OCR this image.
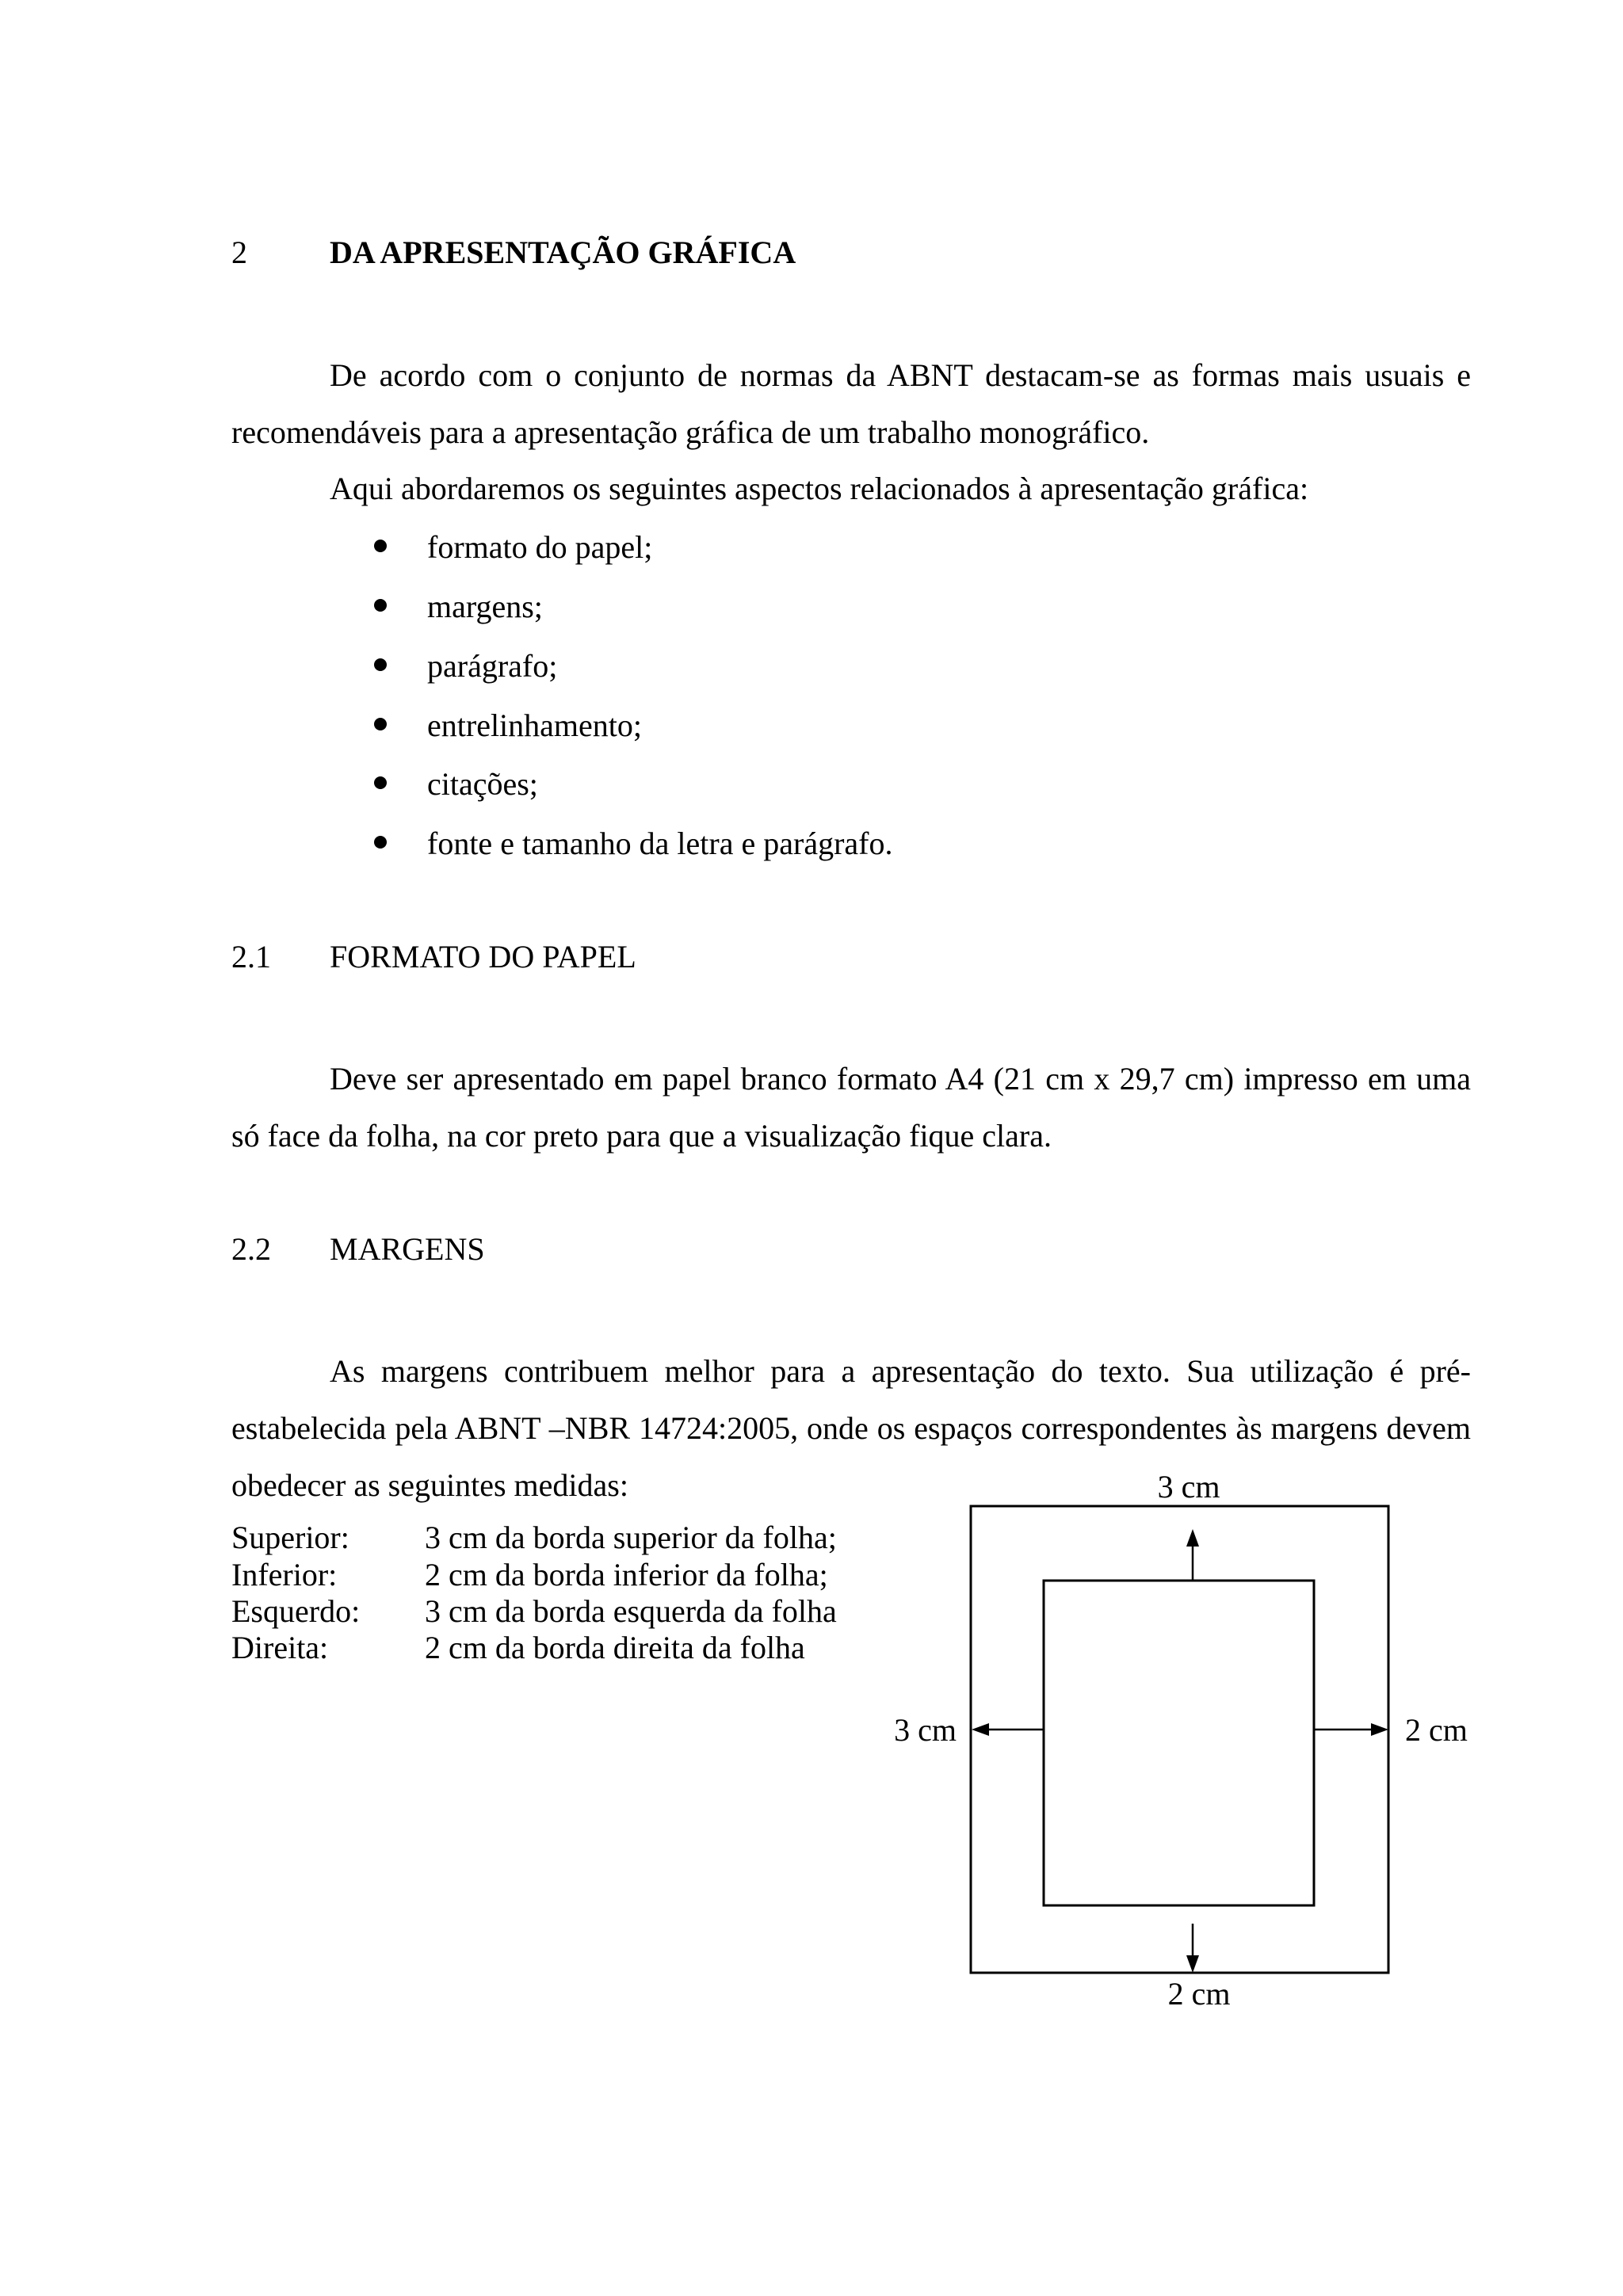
2	DA APRESENTAÇÃO GRÁFICA
De acordo com o conjunto de normas da ABNT destacam-se as formas mais usuais e recomendáveis para a apresentação gráfica de um trabalho monográfico.
Aqui abordaremos os seguintes aspectos relacionados à apresentação gráfica:
formato do papel;
margens;
parágrafo;
entrelinhamento;
citações;
fonte e tamanho da letra e parágrafo.
2.1 FORMATO DO PAPEL
Deve ser apresentado em papel branco formato A4 (21 cm x 29,7 cm) impresso em uma só face da folha, na cor preto para que a visualização fique clara.
2.2 MARGENS
As margens contribuem melhor para a apresentação do texto. Sua utilização é pré-estabelecida pela ABNT –NBR 14724:2005, onde os espaços correspondentes às margens devem obedecer as seguintes medidas:
Superior: 3 cm da borda superior da folha;
Inferior:	2 cm da borda inferior da folha;
Esquerdo: 3 cm da borda esquerda da folha
Direita:	2 cm da borda direita da folha
3 cm
3 cm	2 cm
2 cm
